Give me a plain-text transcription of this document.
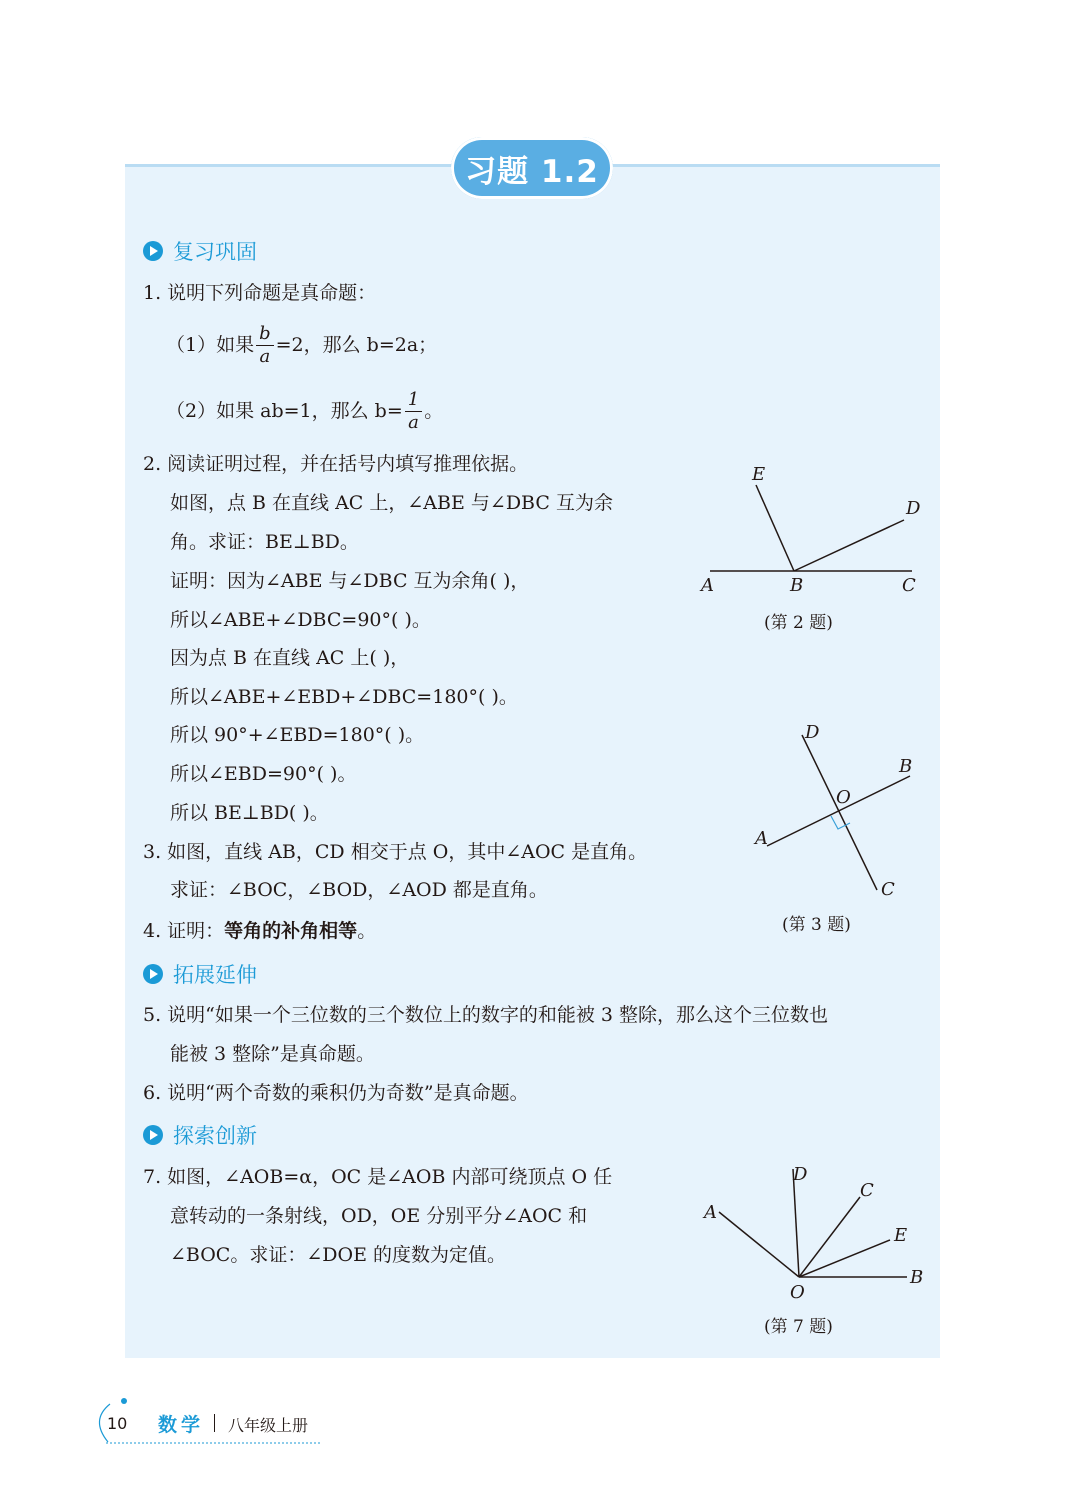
习题 1.2
复习巩固
1. 说明下列命题是真命题：
（1）如果 $\frac{b}{a} =2$，那么 b=2a；
（2）如果 ab=1，那么 $b= \frac{1}{a}$ 。
2. 阅读证明过程，并在括号内填写推理依据。
如图，点 B 在直线 AC 上，∠ABE 与∠DBC 互为余
角。求证：BE⊥BD。
证明：因为∠ABE 与∠DBC 互为余角( )，
所以∠ABE+∠DBC=90°( )。
因为点 B 在直线 AC 上( )，
所以∠ABE+∠EBD+∠DBC=180°( )。
所以 90°+∠EBD=180°( )。
所以∠EBD=90°( )。
所以 BE⊥BD( )。
E
D
A	B	C
(第 2 题)
3. 如图，直线 AB，CD 相交于点 O，其中∠AOC 是直角。
求证：∠BOC，∠BOD，∠AOD 都是直角。
D
B
O
A
C
(第 3 题)
4. 证明：等角的补角相等。
拓展延伸
5. 说明“如果一个三位数的三个数位上的数字的和能被 3 整除，那么这个三位数也
能被 3 整除”是真命题。
6. 说明“两个奇数的乘积仍为奇数”是真命题。
探索创新
7. 如图，∠AOB=α，OC 是∠AOB 内部可绕顶点 O 任
意转动的一条射线，OD，OE 分别平分∠AOC 和
∠BOC。求证：∠DOE 的度数为定值。
D
C
A
E
B
O
(第 7 题)
10 数学 八年级上册
